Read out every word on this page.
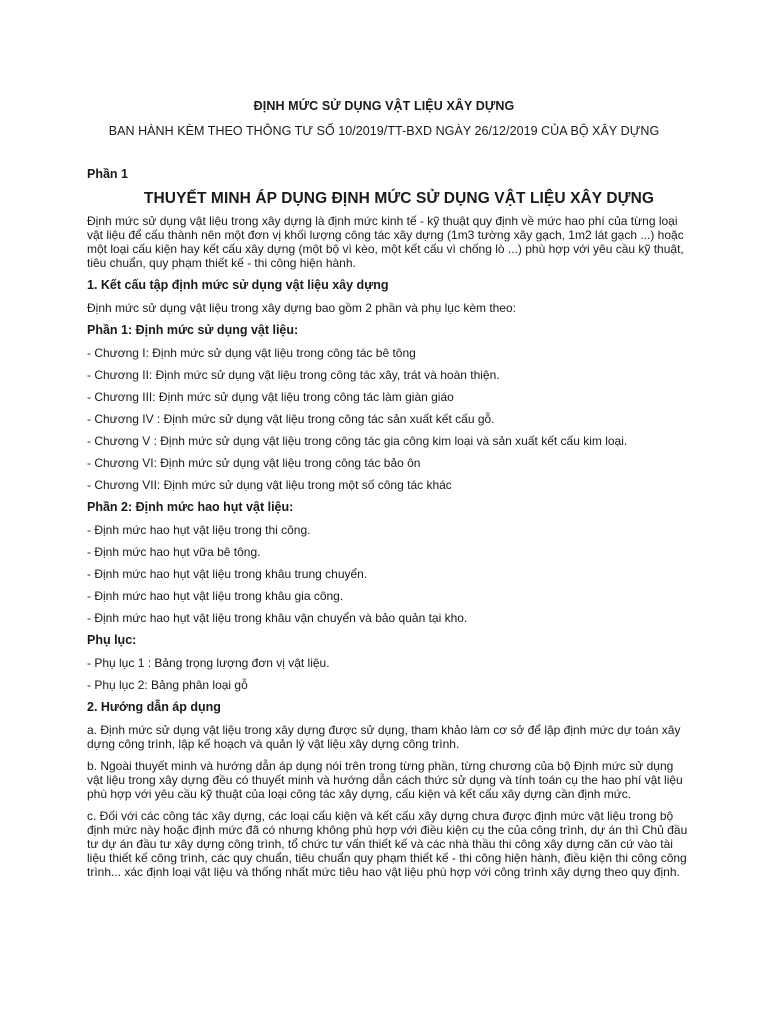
ĐỊNH MỨC SỬ DỤNG VẬT LIỆU XÂY DỰNG
BAN HÀNH KÈM THEO THÔNG TƯ SỐ 10/2019/TT-BXD NGÀY 26/12/2019 CỦA BỘ XÂY DỰNG

Phần 1

THUYẾT MINH ÁP DỤNG ĐỊNH MỨC SỬ DỤNG VẬT LIỆU XÂY DỰNG

Định mức sử dụng vật liệu trong xây dựng là định mức kinh tế - kỹ thuật quy định về mức hao phí của từng loại vật liệu để cấu thành nên một đơn vị khối lượng công tác xây dựng (1m3 tường xây gạch, 1m2 lát gạch ...) hoặc một loại cấu kiện hay kết cấu xây dựng (một bộ vì kèo, một kết cấu vì chống lò ...) phù hợp với yêu cầu kỹ thuật, tiêu chuẩn, quy phạm thiết kế - thi công hiện hành.

1. Kết cấu tập định mức sử dụng vật liệu xây dựng

Định mức sử dụng vật liệu trong xây dựng bao gồm 2 phần và phụ lục kèm theo:

Phần 1: Định mức sử dụng vật liệu:

- Chương I: Định mức sử dụng vật liệu trong công tác bê tông

- Chương II: Định mức sử dụng vật liệu trong công tác xây, trát và hoàn thiện.

- Chương III: Định mức sử dụng vật liệu trong công tác làm giàn giáo

- Chương IV : Định mức sử dụng vật liệu trong công tác sản xuất kết cấu gỗ.

- Chương V : Định mức sử dụng vật liệu trong công tác gia công kim loại và sản xuất kết cấu kim loại.

- Chương VI: Định mức sử dụng vật liệu trong công tác bảo ôn

- Chương VII: Định mức sử dụng vật liệu trong một số công tác khác

Phần 2: Định mức hao hụt vật liệu:

- Định mức hao hụt vật liệu trong thi công.

- Định mức hao hụt vữa bê tông.

- Định mức hao hụt vật liệu trong khâu trung chuyển.

- Định mức hao hụt vật liệu trong khâu gia công.

- Định mức hao hụt vật liệu trong khâu vận chuyển và bảo quản tại kho.

Phụ lục:

- Phụ lục 1 : Bảng trọng lượng đơn vị vật liệu.

- Phụ lục 2: Bảng phân loại gỗ

2. Hướng dẫn áp dụng

a. Định mức sử dụng vật liệu trong xây dựng được sử dụng, tham khảo làm cơ sở để lập định mức dự toán xây dựng công trình, lập kế hoạch và quản lý vật liệu xây dựng công trình.

b. Ngoài thuyết minh và hướng dẫn áp dụng nói trên trong từng phần, từng chương của bộ Định mức sử dụng vật liệu trong xây dựng đều có thuyết minh và hướng dẫn cách thức sử dụng và tính toán cụ the hao phí vật liệu phù hợp với yêu cầu kỹ thuật của loại công tác xây dựng, cấu kiện và kết cấu xây dựng cần định mức.

c. Đối với các công tác xây dựng, các loại cấu kiện và kết cấu xây dựng chưa được định mức vật liệu trong bộ định mức này hoặc định mức đã có nhưng không phù hợp với điều kiện cụ the của công trình, dự án thì Chủ đầu tư dự án đầu tư xây dựng công trình, tổ chức tư vấn thiết kế và các nhà thầu thi công xây dựng căn cứ vào tài liệu thiết kế công trình, các quy chuẩn, tiêu chuẩn quy phạm thiết kế - thi công hiện hành, điều kiện thi công công trình... xác định loại vật liệu và thống nhất mức tiêu hao vật liệu phù hợp với công trình xây dựng theo quy định.
